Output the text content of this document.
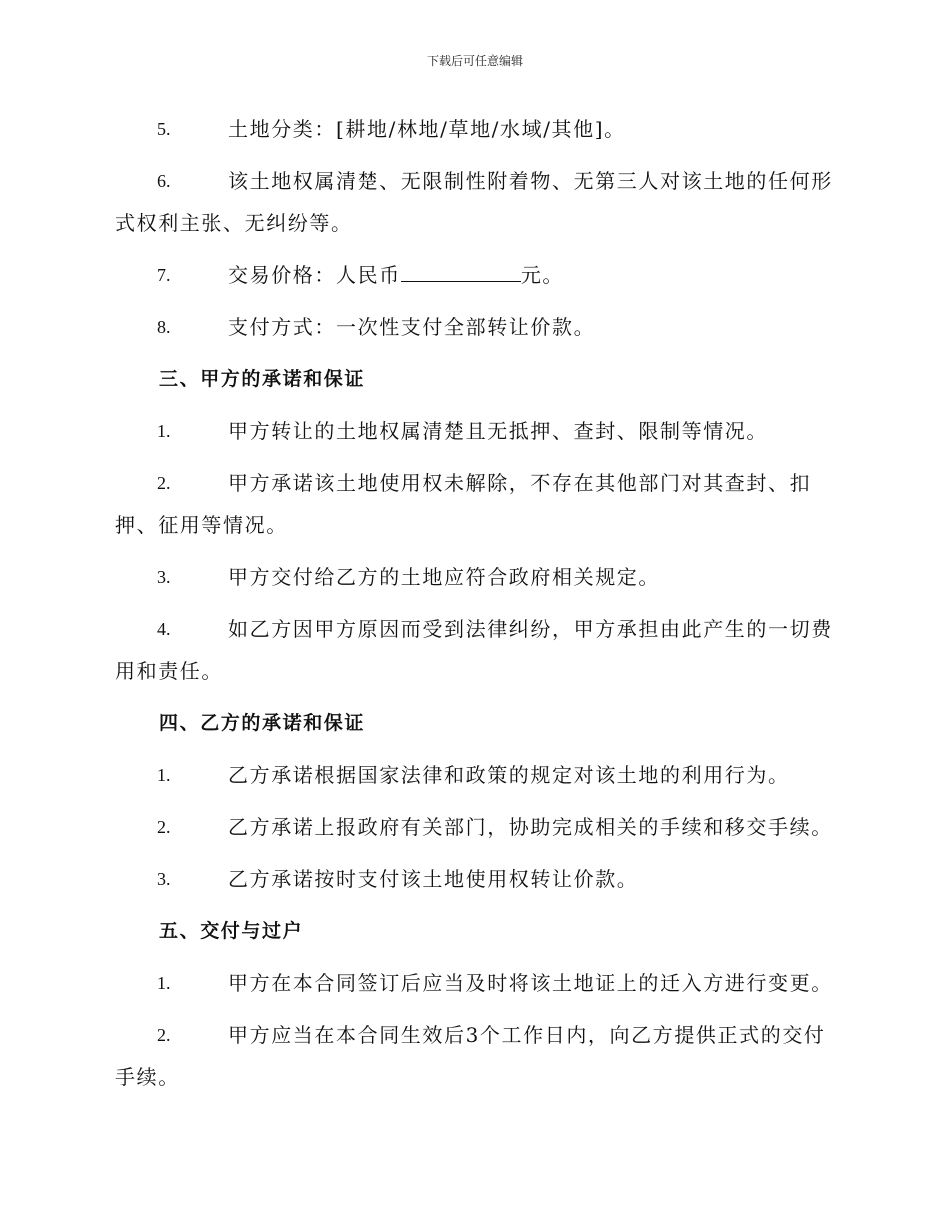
下载后可任意编辑
5.	土地分类：[耕地/林地/草地/水域/其他]。
6.	该土地权属清楚、无限制性附着物、无第三人对该土地的任何形式权利主张、无纠纷等。
7.	交易价格：人民币	元。
8.	支付方式：一次性支付全部转让价款。
三、甲方的承诺和保证
1.	甲方转让的土地权属清楚且无抵押、查封、限制等情况。
2.	甲方承诺该土地使用权未解除，不存在其他部门对其查封、扣押、征用等情况。
3.	甲方交付给乙方的土地应符合政府相关规定。
4.	如乙方因甲方原因而受到法律纠纷，甲方承担由此产生的一切费用和责任。
四、乙方的承诺和保证
1.	乙方承诺根据国家法律和政策的规定对该土地的利用行为。
2.	乙方承诺上报政府有关部门，协助完成相关的手续和移交手续。
3.	乙方承诺按时支付该土地使用权转让价款。
五、交付与过户
1.	甲方在本合同签订后应当及时将该土地证上的迁入方进行变更。
2.	甲方应当在本合同生效后3个工作日内，向乙方提供正式的交付手续。
